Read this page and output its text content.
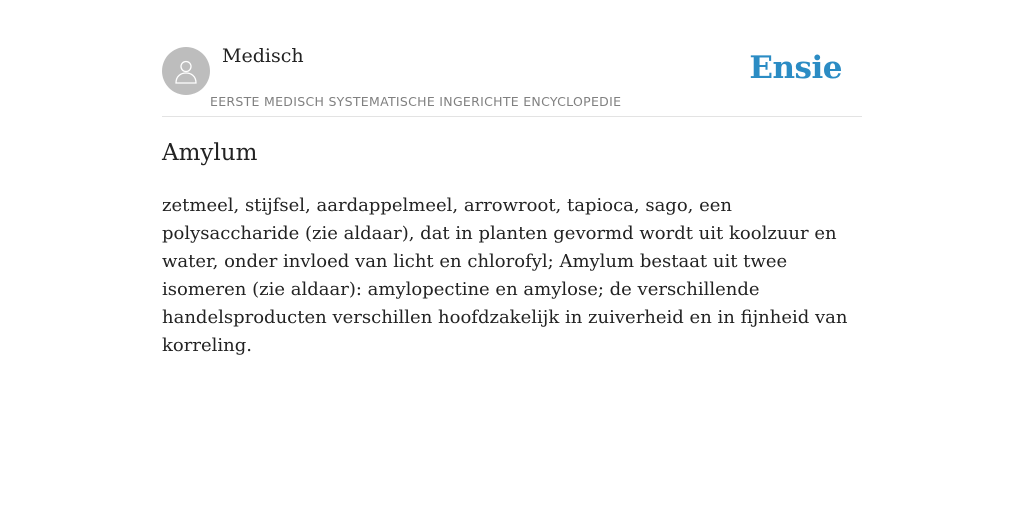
Medisch
EERSTE MEDISCH SYSTEMATISCHE INGERICHTE ENCYCLOPEDIE
Ensie
Amylum

zetmeel, stijfsel, aardappelmeel, arrowroot, tapioca, sago, een polysaccharide (zie aldaar), dat in planten gevormd wordt uit koolzuur en water, onder invloed van licht en chlorofyl; Amylum bestaat uit twee isomeren (zie aldaar): amylopectine en amylose; de verschillende handelsproducten verschillen hoofdzakelijk in zuiverheid en in fijnheid van korreling.
